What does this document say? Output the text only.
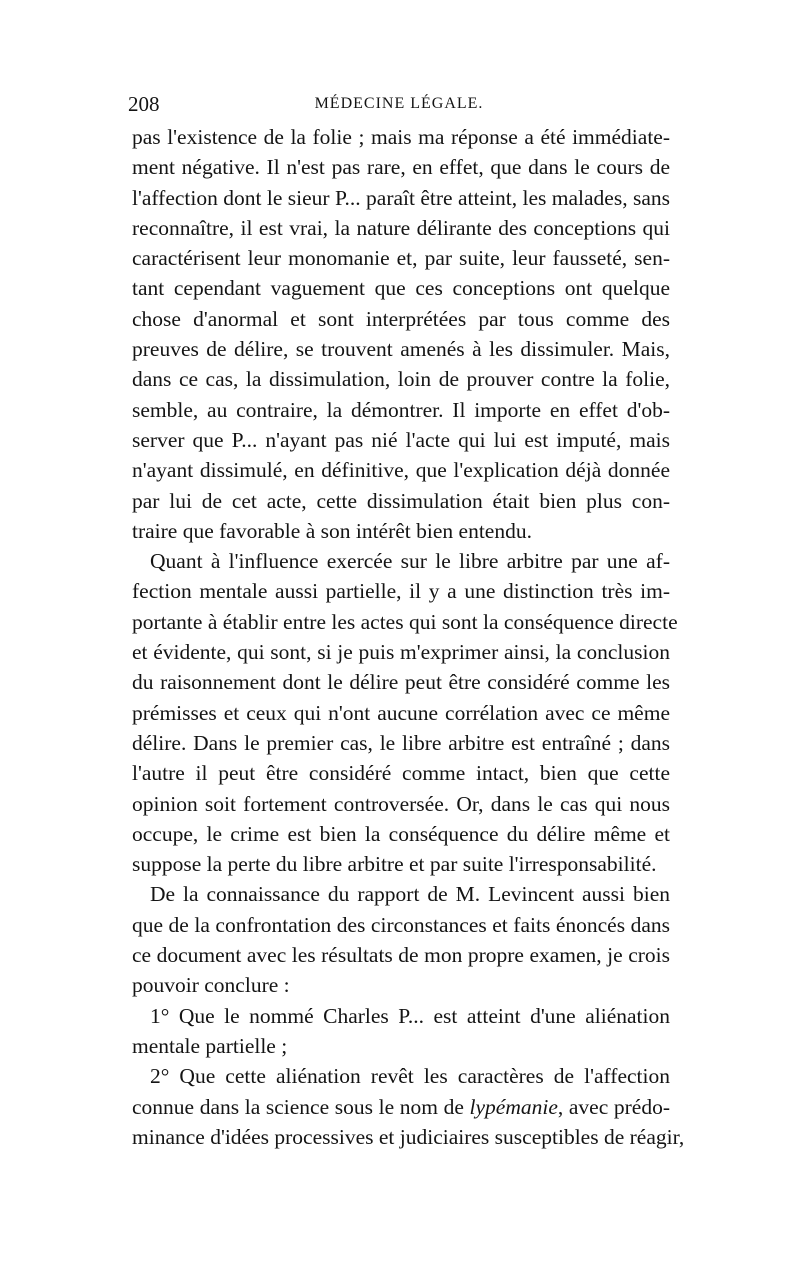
208	MÉDECINE LÉGALE.
pas l'existence de la folie ; mais ma réponse a été immédiate-
ment négative. Il n'est pas rare, en effet, que dans le cours de
l'affection dont le sieur P... paraît être atteint, les malades, sans
reconnaître, il est vrai, la nature délirante des conceptions qui
caractérisent leur monomanie et, par suite, leur fausseté, sen-
tant cependant vaguement que ces conceptions ont quelque
chose d'anormal et sont interprétées par tous comme des
preuves de délire, se trouvent amenés à les dissimuler. Mais,
dans ce cas, la dissimulation, loin de prouver contre la folie,
semble, au contraire, la démontrer. Il importe en effet d'ob-
server que P... n'ayant pas nié l'acte qui lui est imputé, mais
n'ayant dissimulé, en définitive, que l'explication déjà donnée
par lui de cet acte, cette dissimulation était bien plus con-
traire que favorable à son intérêt bien entendu.
Quant à l'influence exercée sur le libre arbitre par une af-
fection mentale aussi partielle, il y a une distinction très im-
portante à établir entre les actes qui sont la conséquence directe
et évidente, qui sont, si je puis m'exprimer ainsi, la conclusion
du raisonnement dont le délire peut être considéré comme les
prémisses et ceux qui n'ont aucune corrélation avec ce même
délire. Dans le premier cas, le libre arbitre est entraîné ; dans
l'autre il peut être considéré comme intact, bien que cette
opinion soit fortement controversée. Or, dans le cas qui nous
occupe, le crime est bien la conséquence du délire même et
suppose la perte du libre arbitre et par suite l'irresponsabilité.
De la connaissance du rapport de M. Levincent aussi bien
que de la confrontation des circonstances et faits énoncés dans
ce document avec les résultats de mon propre examen, je crois
pouvoir conclure :
1° Que le nommé Charles P... est atteint d'une aliénation
mentale partielle ;
2° Que cette aliénation revêt les caractères de l'affection
connue dans la science sous le nom de lypémanie, avec prédo-
minance d'idées processives et judiciaires susceptibles de réagir,
